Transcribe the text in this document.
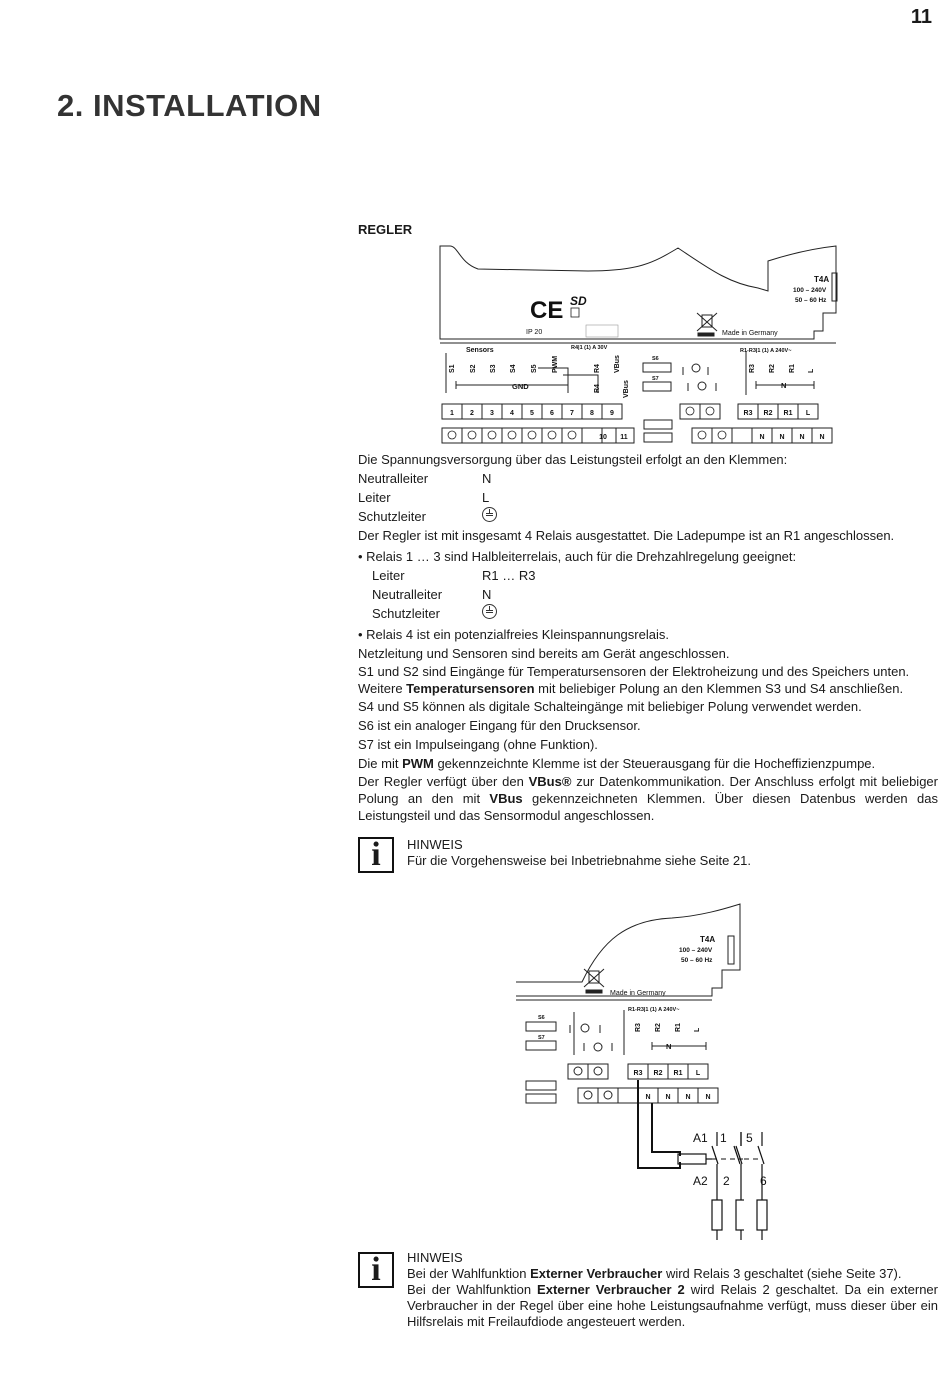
11
2. INSTALLATION
REGLER
CE SD
IP 20	Made in Germany
T4A
100 – 240V
50 – 60 Hz
Sensors	R4|1 (1) A 30V	R1-R3|1 (1) A 240V~
S1 S2 S3 S4 S5 PWM	R4 VBus
R4	VBus
R3 R2 R1 L
GND
S6
S7
N
1 2 3 4 5 6 7 8 9	R3 R2 R1 L
10 11	N N N N

Die Spannungsversorgung über das Leistungsteil erfolgt an den Klemmen:

Neutralleiter	N
Leiter	L
Schutzleiter

Der Regler ist mit insgesamt 4 Relais ausgestattet. Die Ladepumpe ist an R1 angeschlossen.

• Relais 1 … 3 sind Halbleiterrelais, auch für die Drehzahlregelung geeignet:

Leiter	R1 … R3
Neutralleiter	N
Schutzleiter

• Relais 4 ist ein potenzialfreies Kleinspannungsrelais.

Netzleitung und Sensoren sind bereits am Gerät angeschlossen.

S1 und S2 sind Eingänge für Temperatursensoren der Elektroheizung und des Speichers unten.

Weitere Temperatursensoren mit beliebiger Polung an den Klemmen S3 und S4 anschließen.

S4 und S5 können als digitale Schalteingänge mit beliebiger Polung verwendet werden.

S6 ist ein analoger Eingang für den Drucksensor.

S7 ist ein Impulseingang (ohne Funktion).

Die mit PWM gekennzeichnte Klemme ist der Steuerausgang für die Hocheffizienzpumpe.

Der Regler verfügt über den VBus® zur Datenkommunikation. Der Anschluss erfolgt mit beliebiger Polung an den mit VBus gekennzeichneten Klemmen. Über diesen Datenbus werden das Leistungsteil und das Sensormodul angeschlossen.

i	HINWEIS
Für die Vorgehensweise bei Inbetriebnahme siehe Seite 21.
Made in Germany
T4A
100 – 240V
50 – 60 Hz
S6
S7
R1-R3|1 (1) A 240V~
R3 R2 R1 L
N
R3 R2 R1 L
N N N N
A1
A2
1
2
5
6
i	HINWEIS
Bei der Wahlfunktion Externer Verbraucher wird Relais 3 geschaltet (siehe Seite 37).
Bei der Wahlfunktion Externer Verbraucher 2 wird Relais 2 geschaltet. Da ein externer Verbraucher in der Regel über eine hohe Leistungsaufnahme verfügt, muss dieser über ein Hilfsrelais mit Freilaufdiode angesteuert werden.
